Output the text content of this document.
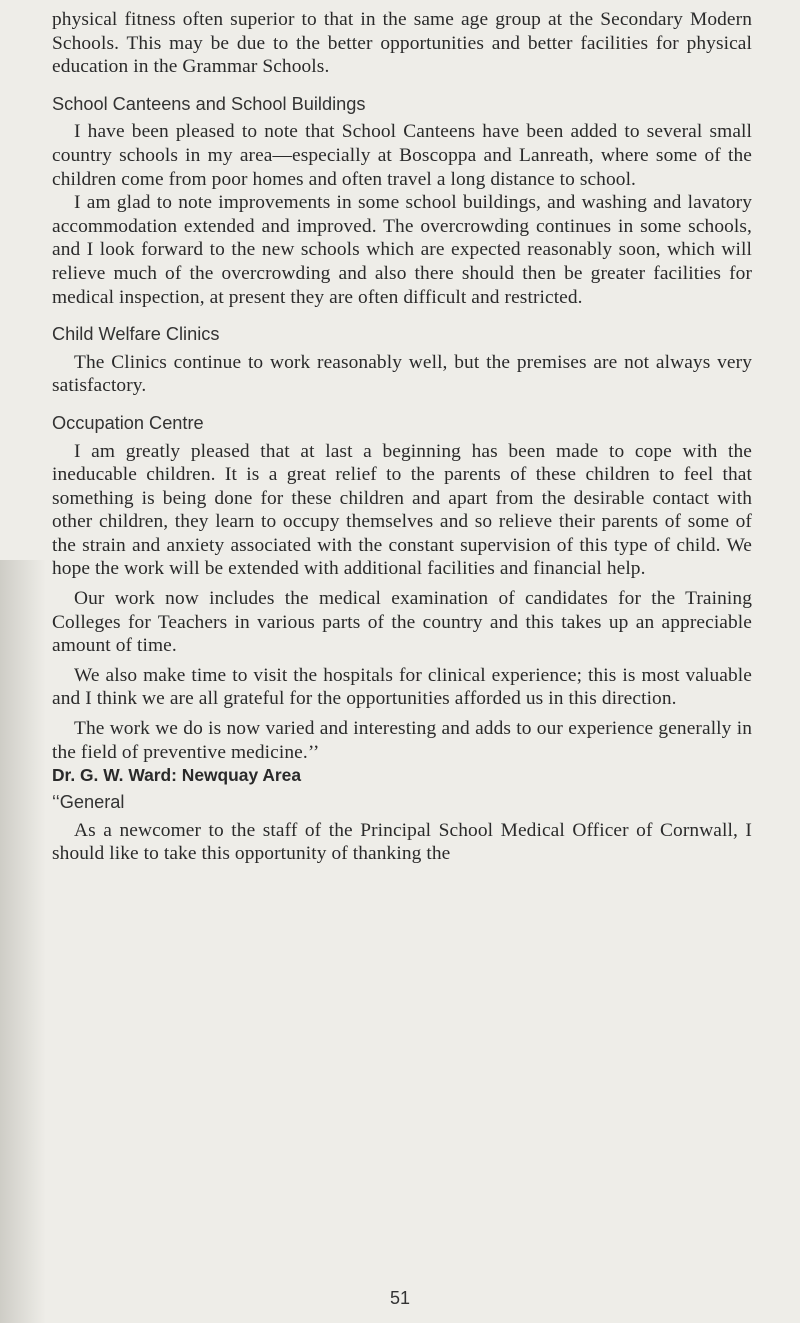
physical fitness often superior to that in the same age group at the Secondary Modern Schools. This may be due to the better opportunities and better facilities for physical education in the Grammar Schools.

School Canteens and School Buildings

I have been pleased to note that School Canteens have been added to several small country schools in my area—especially at Boscoppa and Lanreath, where some of the children come from poor homes and often travel a long distance to school.

I am glad to note improvements in some school buildings, and washing and lavatory accommodation extended and improved. The overcrowding continues in some schools, and I look forward to the new schools which are expected reasonably soon, which will relieve much of the overcrowding and also there should then be greater facilities for medical inspection, at present they are often difficult and restricted.

Child Welfare Clinics

The Clinics continue to work reasonably well, but the premises are not always very satisfactory.

Occupation Centre

I am greatly pleased that at last a beginning has been made to cope with the ineducable children. It is a great relief to the parents of these children to feel that something is being done for these children and apart from the desirable contact with other children, they learn to occupy themselves and so relieve their parents of some of the strain and anxiety associated with the constant supervision of this type of child. We hope the work will be extended with additional facilities and financial help.

Our work now includes the medical examination of candidates for the Training Colleges for Teachers in various parts of the country and this takes up an appreciable amount of time.

We also make time to visit the hospitals for clinical experience; this is most valuable and I think we are all grateful for the opportunities afforded us in this direction.

The work we do is now varied and interesting and adds to our experience generally in the field of preventive medicine.’’

Dr. G. W. Ward: Newquay Area
‘‘General

As a newcomer to the staff of the Principal School Medical Officer of Cornwall, I should like to take this opportunity of thanking the

51
